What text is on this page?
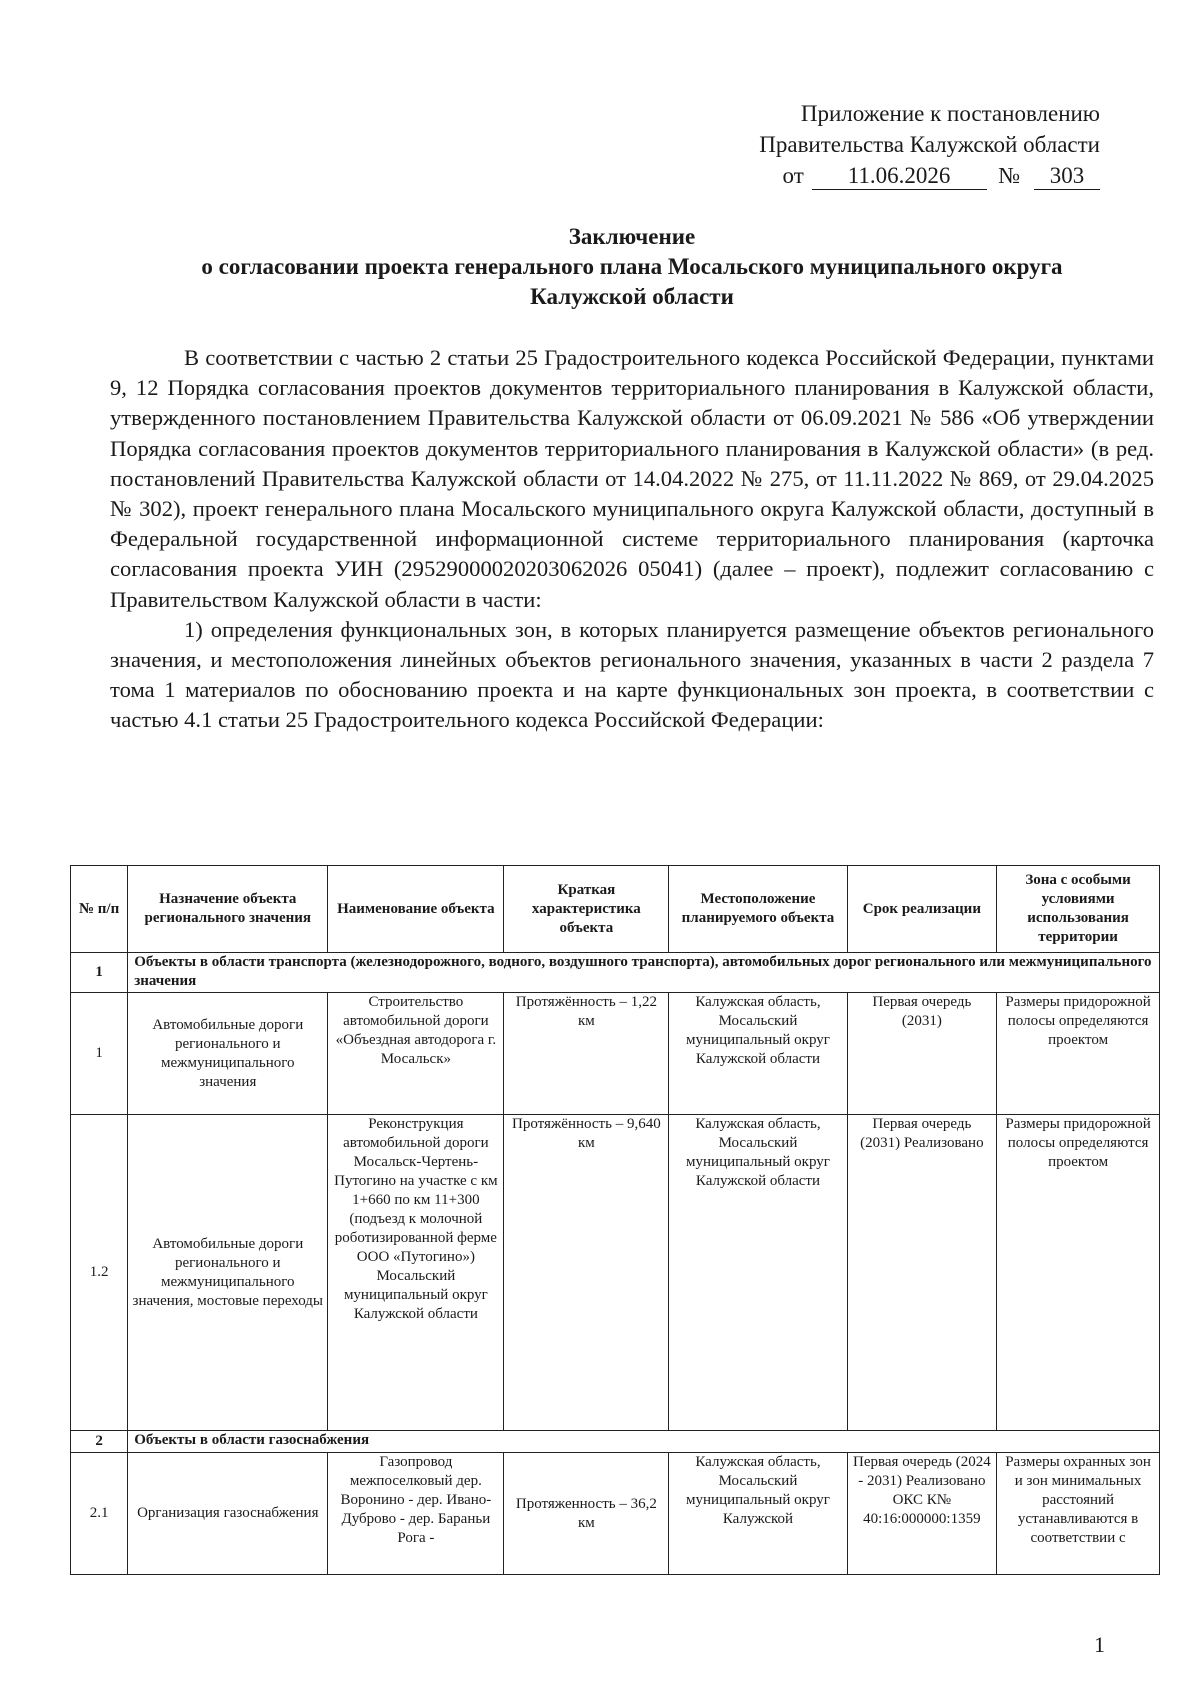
Приложение к постановлению
Правительства Калужской области
от 11.06.2026 № 303
Заключение
о согласовании проекта генерального плана Мосальского муниципального округа
Калужской области

В соответствии с частью 2 статьи 25 Градостроительного кодекса Российской Федерации, пунктами 9, 12 Порядка согласования проектов документов территориального планирования в Калужской области, утвержденного постановлением Правительства Калужской области от 06.09.2021 № 586 «Об утверждении Порядка согласования проектов документов территориального планирования в Калужской области» (в ред. постановлений Правительства Калужской области от 14.04.2022 № 275, от 11.11.2022 № 869, от 29.04.2025 № 302), проект генерального плана Мосальского муниципального округа Калужской области, доступный в Федеральной государственной информационной системе территориального планирования (карточка согласования проекта УИН (29529000020203062026 05041) (далее – проект), подлежит согласованию с Правительством Калужской области в части:

1) определения функциональных зон, в которых планируется размещение объектов регионального значения, и местоположения линейных объектов регионального значения, указанных в части 2 раздела 7 тома 1 материалов по обоснованию проекта и на карте функциональных зон проекта, в соответствии с частью 4.1 статьи 25 Градостроительного кодекса Российской Федерации:

№ п/п	Назначение объекта регионального значения	Наименование объекта	Краткая характеристика объекта	Местоположение планируемого объекта	Срок реализации	Зона с особыми условиями использования территории
1	Объекты в области транспорта (железнодорожного, водного, воздушного транспорта), автомобильных дорог регионального или межмуниципального значения					
1	Автомобильные дороги регионального и межмуниципального значения	Строительство автомобильной дороги «Объездная автодорога г. Мосальск»	Протяжённость – 1,22 км	Калужская область, Мосальский муниципальный округ Калужской области	Первая очередь (2031)	Размеры придорожной полосы определяются проектом
1.2	Автомобильные дороги регионального и межмуниципального значения, мостовые переходы	Реконструкция автомобильной дороги Мосальск-Чертень-Путогино на участке с км 1+660 по км 11+300 (подъезд к молочной роботизированной ферме ООО «Путогино») Мосальский муниципальный округ Калужской области	Протяжённость – 9,640 км	Калужская область, Мосальский муниципальный округ Калужской области	Первая очередь (2031) Реализовано	Размеры придорожной полосы определяются проектом
2	Объекты в области газоснабжения					
2.1	Организация газоснабжения	Газопровод межпоселковый дер. Воронино - дер. Ивано-Дуброво - дер. Бараньи Рога -	Протяженность – 36,2 км	Калужская область, Мосальский муниципальный округ Калужской	Первая очередь (2024 - 2031) Реализовано ОКС К№ 40:16:000000:1359	Размеры охранных зон и зон минимальных расстояний устанавливаются в соответствии с
1
